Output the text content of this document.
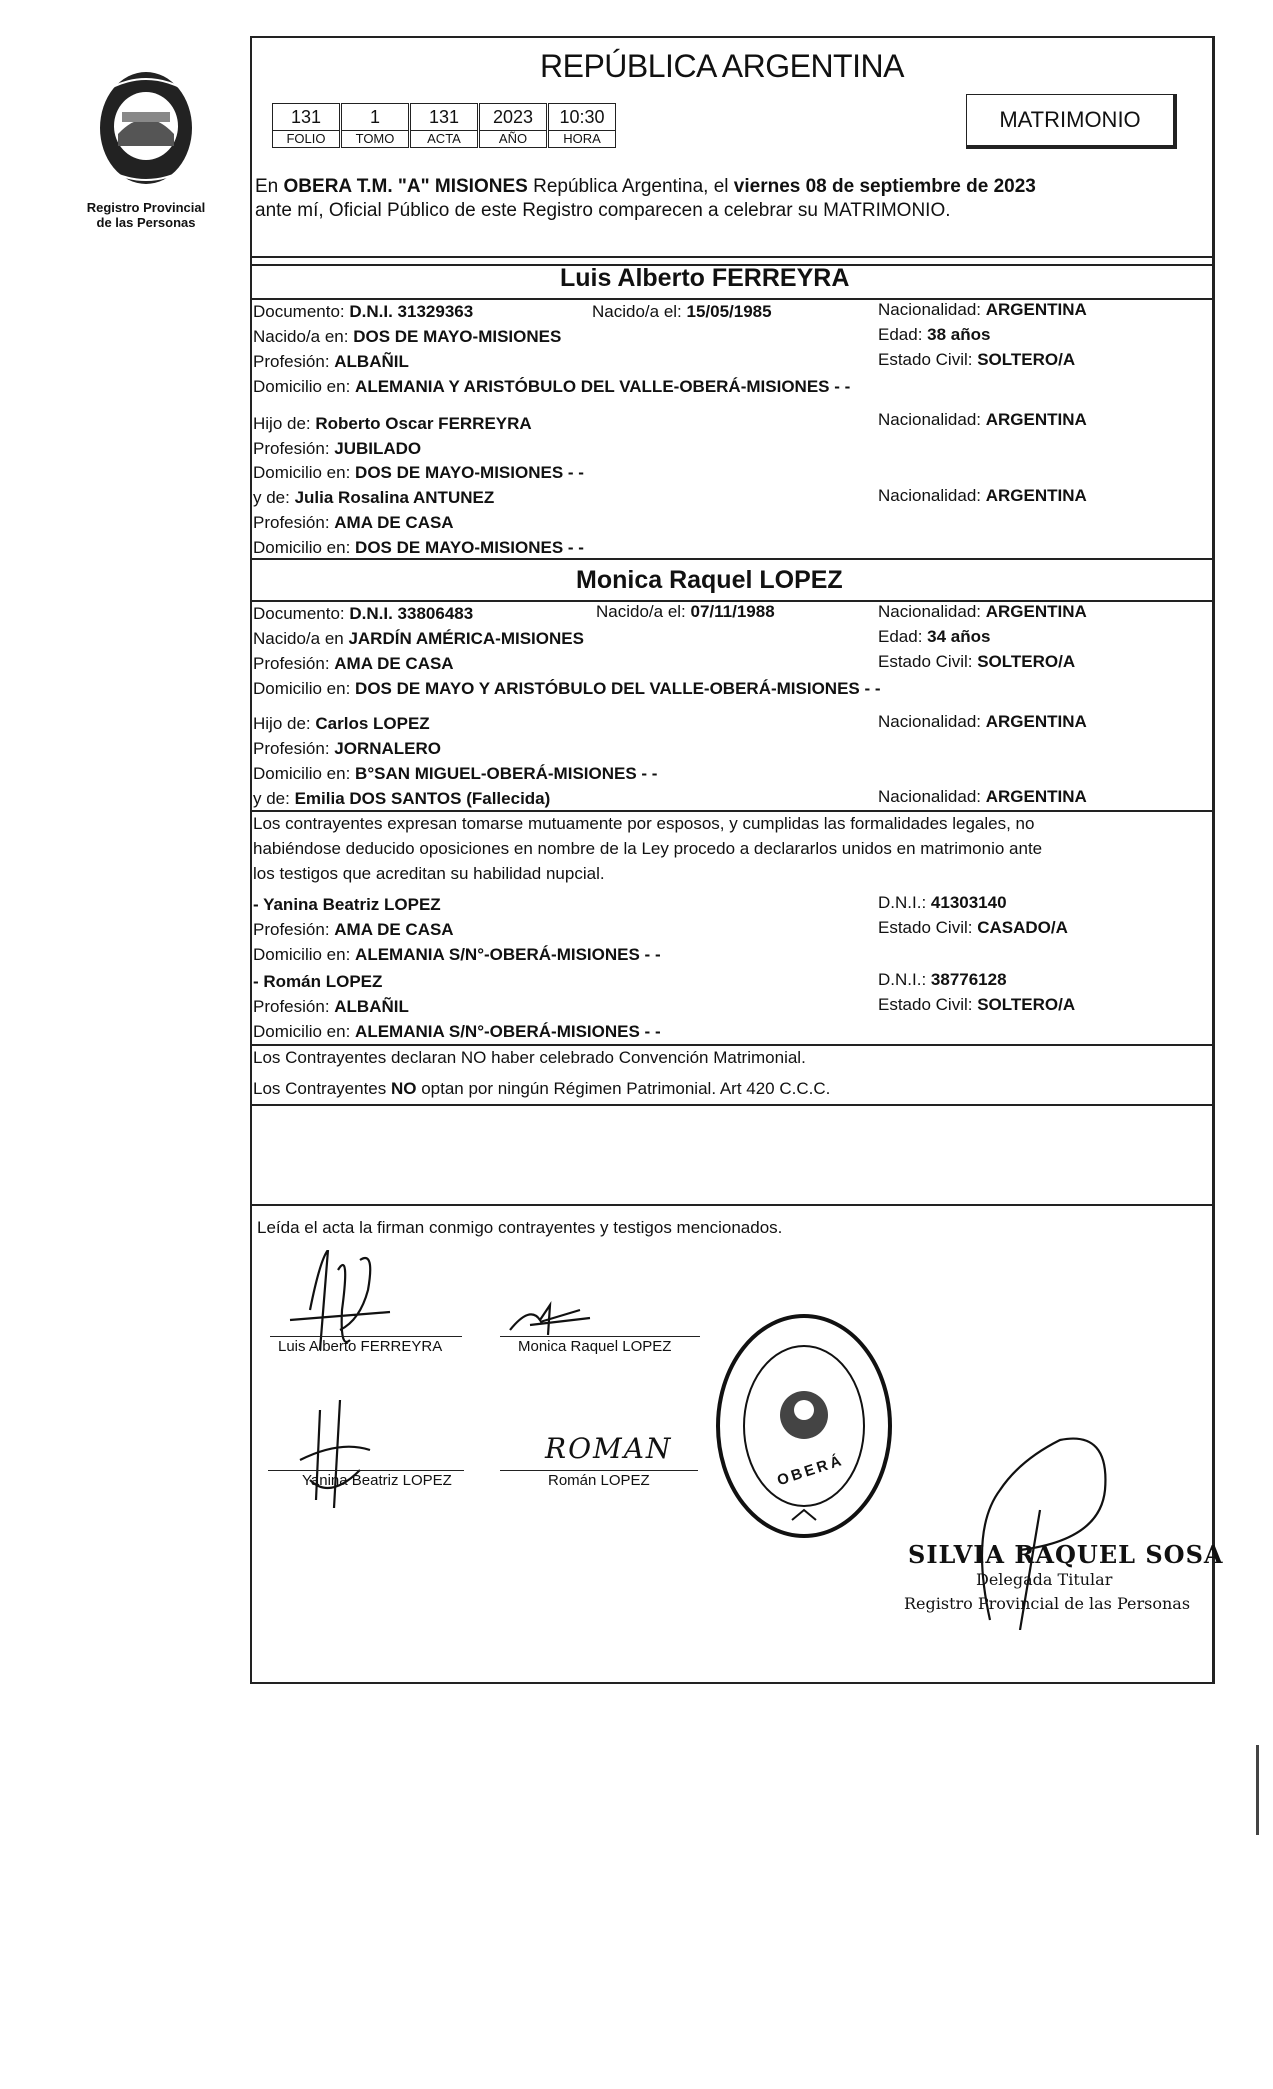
Registro Provincial
de las Personas
REPÚBLICA ARGENTINA
131	1	131	2023	10:30
FOLIO	TOMO	ACTA	AÑO	HORA
MATRIMONIO
En OBERA T.M. "A" MISIONES República Argentina, el viernes 08 de septiembre de 2023
ante mí, Oficial Público de este Registro comparecen a celebrar su MATRIMONIO.
Luis Alberto FERREYRA
Documento: D.N.I. 31329363	Nacido/a el: 15/05/1985	Nacionalidad: ARGENTINA
Nacido/a en: DOS DE MAYO-MISIONES	Edad: 38 años
Profesión: ALBAÑIL	Estado Civil: SOLTERO/A
Domicilio en: ALEMANIA Y ARISTÓBULO DEL VALLE-OBERÁ-MISIONES - -
Hijo de: Roberto Oscar FERREYRA	Nacionalidad: ARGENTINA
Profesión: JUBILADO
Domicilio en: DOS DE MAYO-MISIONES - -
y de: Julia Rosalina ANTUNEZ	Nacionalidad: ARGENTINA
Profesión: AMA DE CASA
Domicilio en: DOS DE MAYO-MISIONES - -
Monica Raquel LOPEZ
Documento: D.N.I. 33806483	Nacido/a el: 07/11/1988	Nacionalidad: ARGENTINA
Nacido/a en JARDÍN AMÉRICA-MISIONES	Edad: 34 años
Profesión: AMA DE CASA	Estado Civil: SOLTERO/A
Domicilio en: DOS DE MAYO Y ARISTÓBULO DEL VALLE-OBERÁ-MISIONES - -
Hijo de: Carlos LOPEZ	Nacionalidad: ARGENTINA
Profesión: JORNALERO
Domicilio en: B°SAN MIGUEL-OBERÁ-MISIONES - -
y de: Emilia DOS SANTOS (Fallecida)	Nacionalidad: ARGENTINA
Los contrayentes expresan tomarse mutuamente por esposos, y cumplidas las formalidades legales, no
habiéndose deducido oposiciones en nombre de la Ley procedo a declararlos unidos en matrimonio ante
los testigos que acreditan su habilidad nupcial.
- Yanina Beatriz LOPEZ	D.N.I.: 41303140
Profesión: AMA DE CASA	Estado Civil: CASADO/A
Domicilio en: ALEMANIA S/N°-OBERÁ-MISIONES - -
- Román LOPEZ	D.N.I.: 38776128
Profesión: ALBAÑIL	Estado Civil: SOLTERO/A
Domicilio en: ALEMANIA S/N°-OBERÁ-MISIONES - -
Los Contrayentes declaran NO haber celebrado Convención Matrimonial.
Los Contrayentes NO optan por ningún Régimen Patrimonial. Art 420 C.C.C.
Leída el acta la firman conmigo contrayentes y testigos mencionados.
Luis Alberto FERREYRA	Monica Raquel LOPEZ
Yanina Beatriz LOPEZ
ROMAN
Román LOPEZ	OBERÁ
SILVIA RAQUEL SOSA
Delegada Titular
Registro Provincial de las Personas
